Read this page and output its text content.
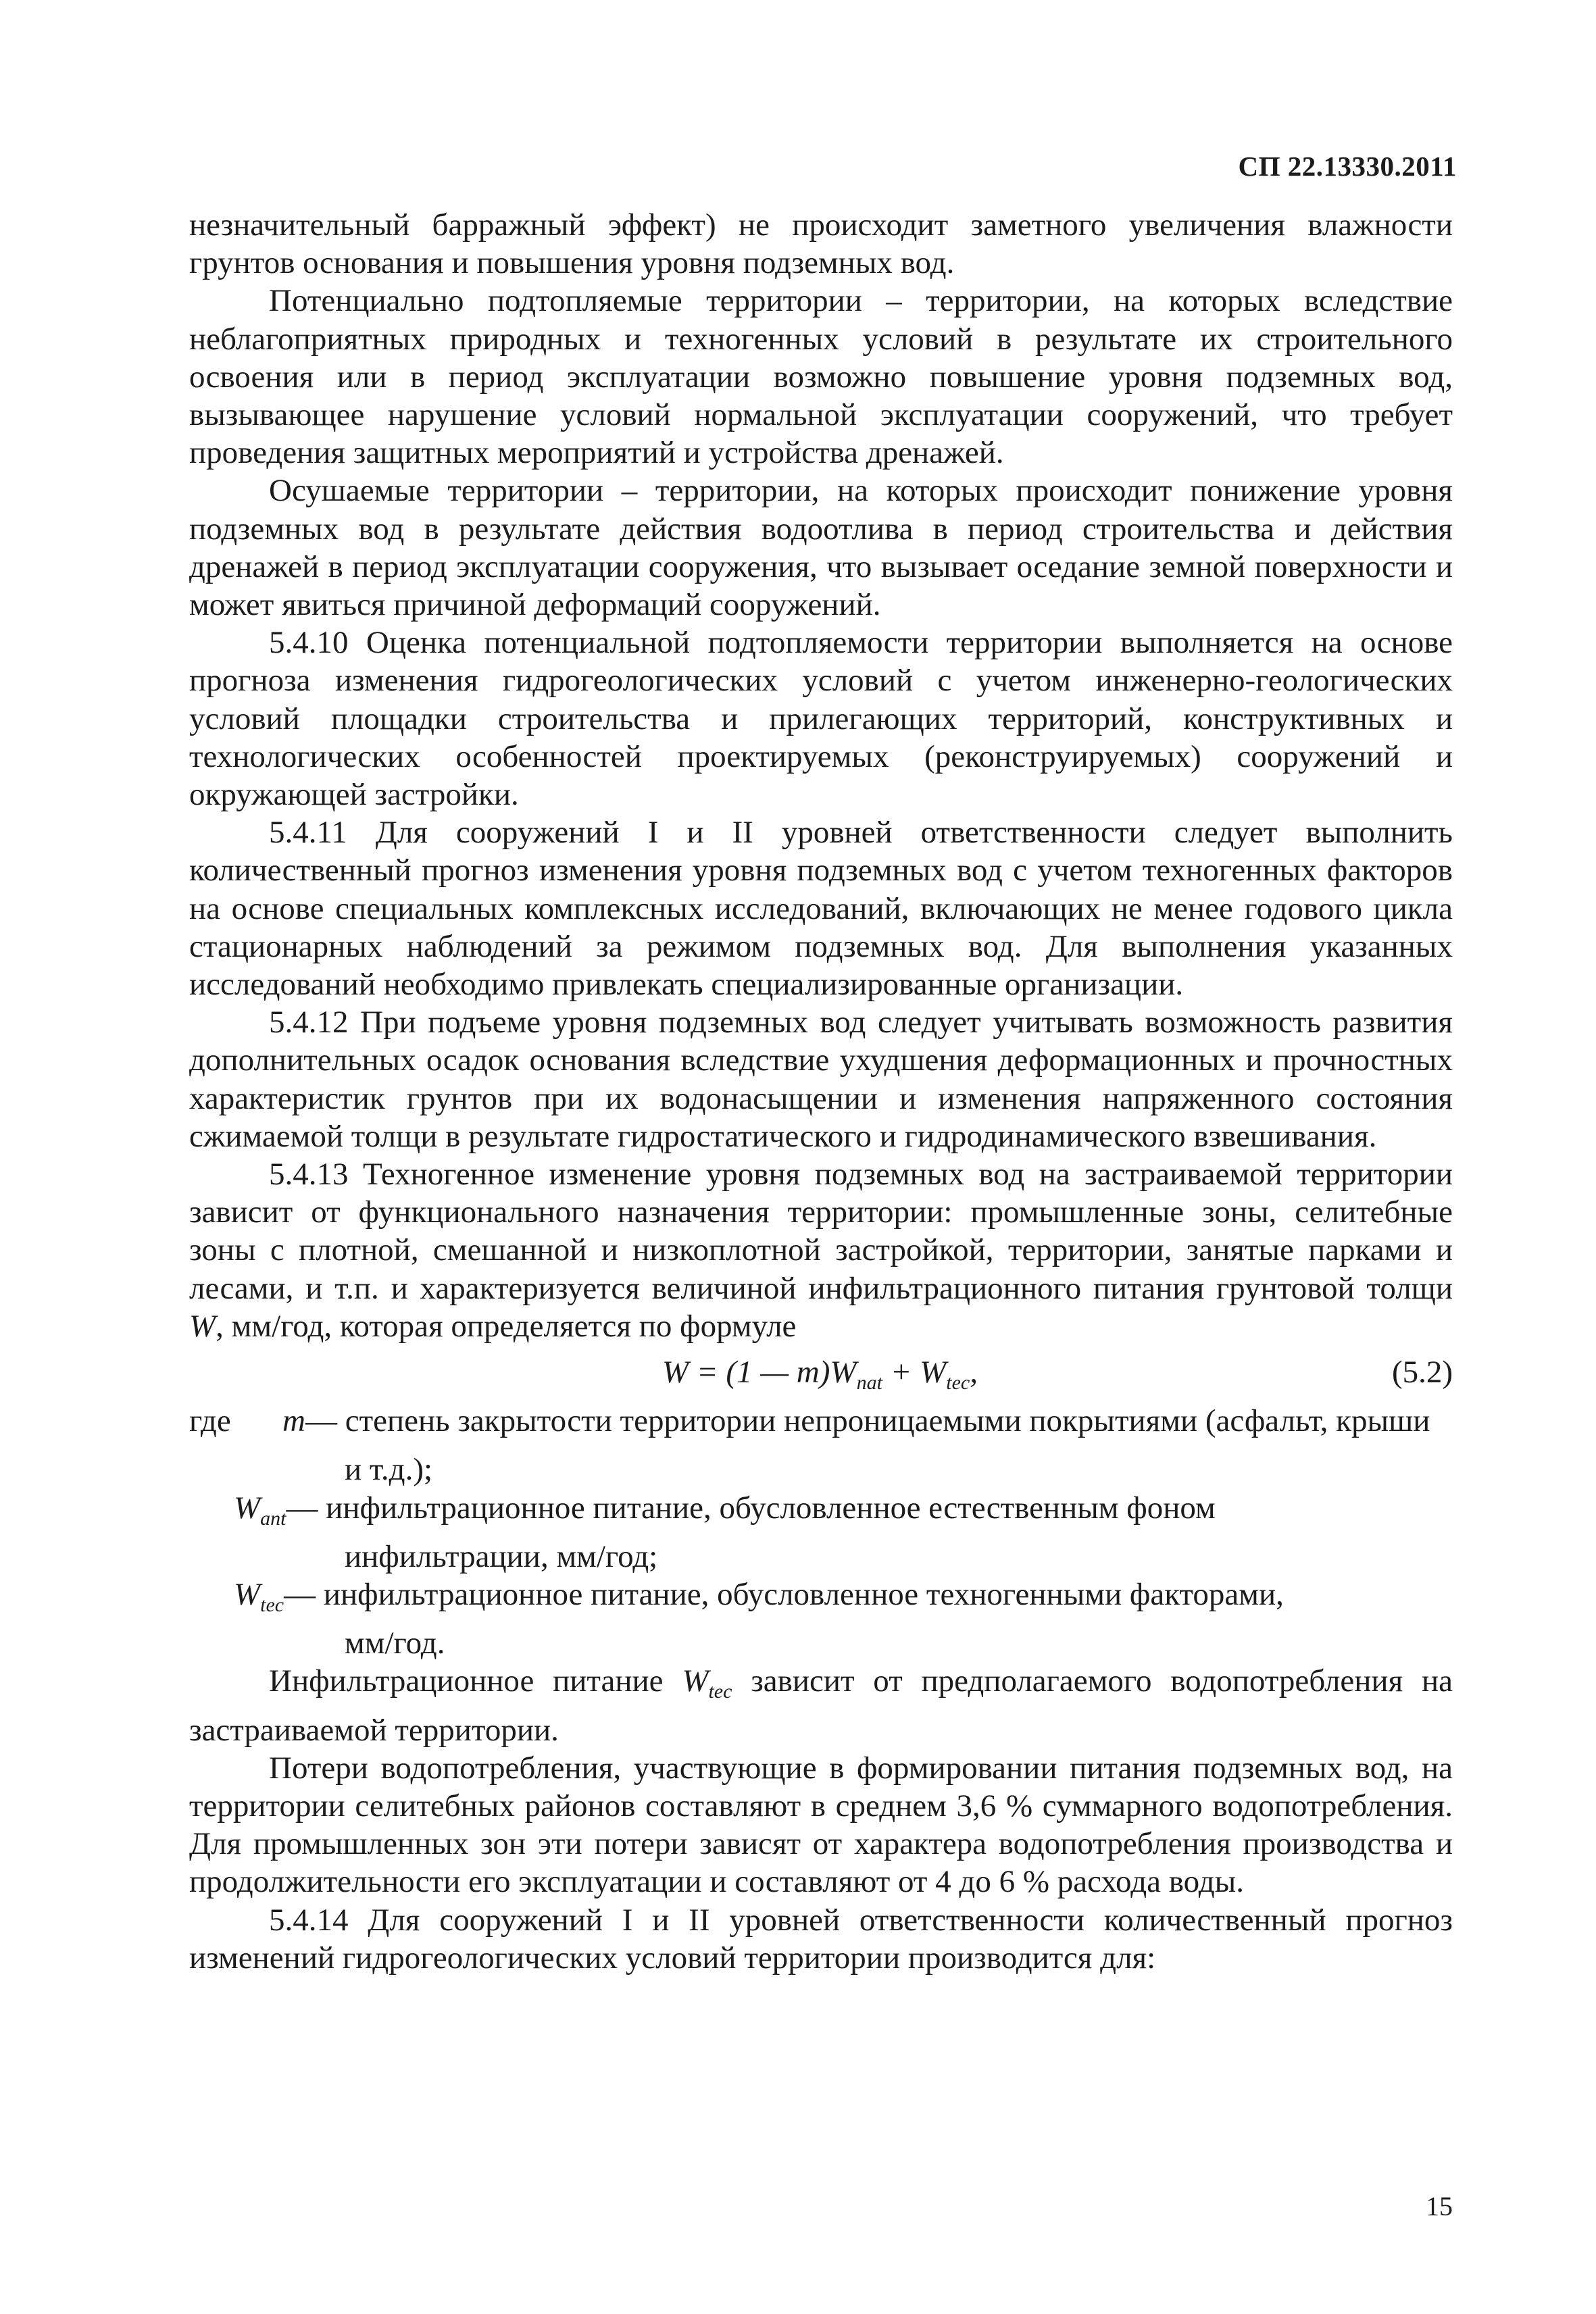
СП 22.13330.2011

незначительный барражный эффект) не происходит заметного увеличения влажности грунтов основания и повышения уровня подземных вод.

Потенциально подтопляемые территории – территории, на которых вследствие неблагоприятных природных и техногенных условий в результате их строительного освоения или в период эксплуатации возможно повышение уровня подземных вод, вызывающее нарушение условий нормальной эксплуатации сооружений, что требует проведения защитных мероприятий и устройства дренажей.

Осушаемые территории – территории, на которых происходит понижение уровня подземных вод в результате действия водоотлива в период строительства и действия дренажей в период эксплуатации сооружения, что вызывает оседание земной поверхности и может явиться причиной деформаций сооружений.

5.4.10 Оценка потенциальной подтопляемости территории выполняется на основе прогноза изменения гидрогеологических условий с учетом инженерно-геологических условий площадки строительства и прилегающих территорий, конструктивных и технологических особенностей проектируемых (реконструируемых) сооружений и окружающей застройки.

5.4.11 Для сооружений I и II уровней ответственности следует выполнить количественный прогноз изменения уровня подземных вод с учетом техногенных факторов на основе специальных комплексных исследований, включающих не менее годового цикла стационарных наблюдений за режимом подземных вод. Для выполнения указанных исследований необходимо привлекать специализированные организации.

5.4.12 При подъеме уровня подземных вод следует учитывать возможность развития дополнительных осадок основания вследствие ухудшения деформационных и прочностных характеристик грунтов при их водонасыщении и изменения напряженного состояния сжимаемой толщи в результате гидростатического и гидродинамического взвешивания.

5.4.13 Техногенное изменение уровня подземных вод на застраиваемой территории зависит от функционального назначения территории: промышленные зоны, селитебные зоны с плотной, смешанной и низкоплотной застройкой, территории, занятые парками и лесами, и т.п. и характеризуется величиной инфильтрационного питания грунтовой толщи W, мм/год, которая определяется по формуле

W = (1 — $m)W_{nat} + W_{tec}$,	(5.2)
где	m — степень закрытости территории непроницаемыми покрытиями (асфальт, крыши
и т.д.);
$W_{ant}$ — инфильтрационное питание, обусловленное естественным фоном
инфильтрации, мм/год;
$W_{tec}$ — инфильтрационное питание, обусловленное техногенными факторами,
мм/год.

Инфильтрационное питание $W_{tec}$ зависит от предполагаемого водопотребления на застраиваемой территории.

Потери водопотребления, участвующие в формировании питания подземных вод, на территории селитебных районов составляют в среднем 3,6 % суммарного водопотребления. Для промышленных зон эти потери зависят от характера водопотребления производства и продолжительности его эксплуатации и составляют от 4 до 6 % расхода воды.

5.4.14 Для сооружений I и II уровней ответственности количественный прогноз изменений гидрогеологических условий территории производится для:

15
